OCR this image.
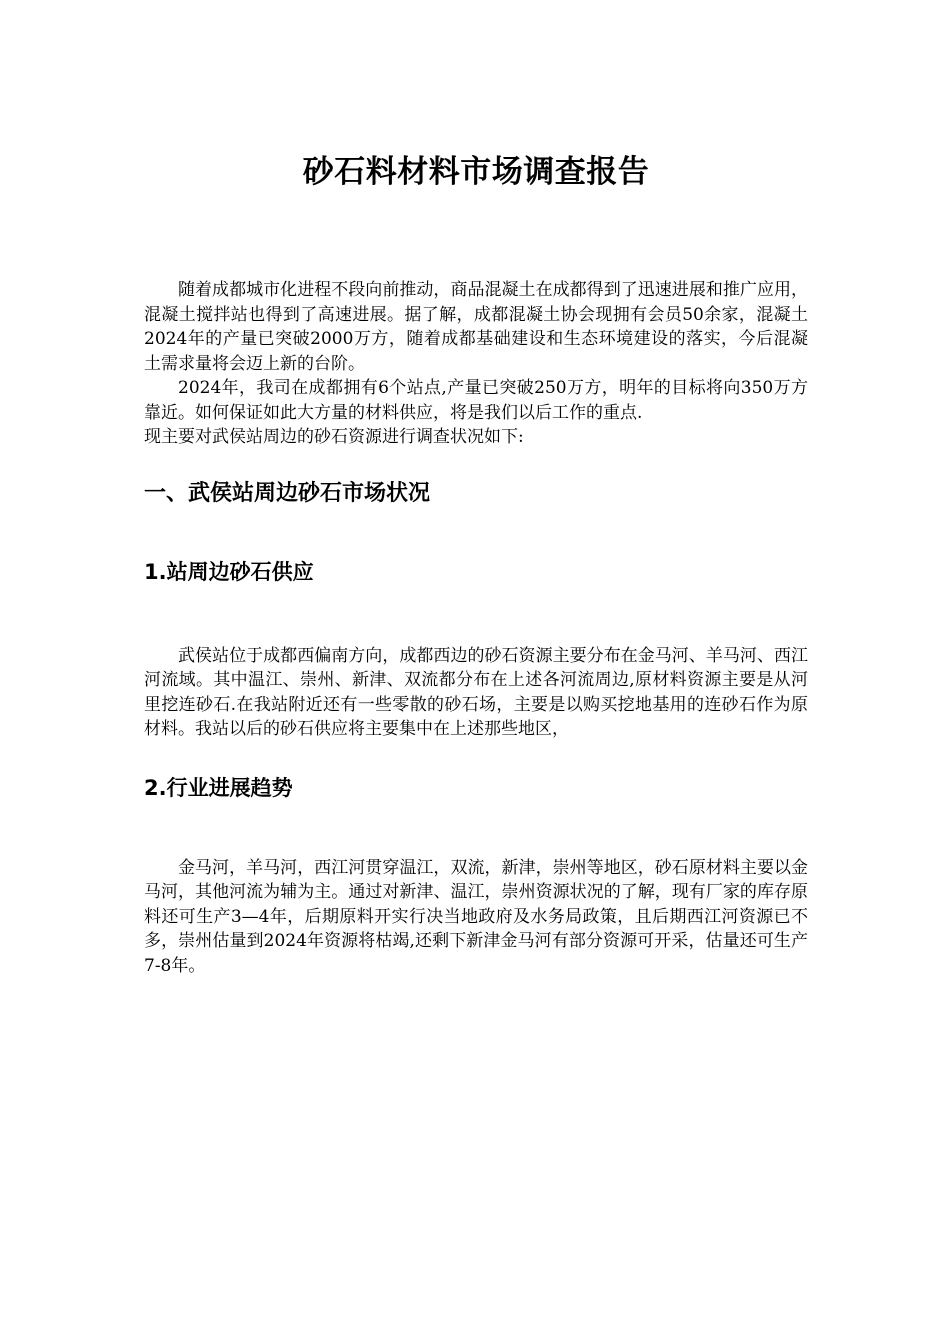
砂石料材料市场调查报告

随着成都城市化进程不段向前推动，商品混凝土在成都得到了迅速进展和推广应用，混凝土搅拌站也得到了高速进展。据了解，成都混凝土协会现拥有会员50余家，混凝土2024年的产量已突破2000万方，随着成都基础建设和生态环境建设的落实，今后混凝土需求量将会迈上新的台阶。

2024年，我司在成都拥有6个站点,产量已突破250万方，明年的目标将向350万方靠近。如何保证如此大方量的材料供应，将是我们以后工作的重点.

现主要对武侯站周边的砂石资源进行调查状况如下:

一、武侯站周边砂石市场状况
1.站周边砂石供应

武侯站位于成都西偏南方向，成都西边的砂石资源主要分布在金马河、羊马河、西江河流域。其中温江、崇州、新津、双流都分布在上述各河流周边,原材料资源主要是从河里挖连砂石.在我站附近还有一些零散的砂石场，主要是以购买挖地基用的连砂石作为原材料。我站以后的砂石供应将主要集中在上述那些地区，

2.行业进展趋势

金马河，羊马河，西江河贯穿温江，双流，新津，崇州等地区，砂石原材料主要以金马河，其他河流为辅为主。通过对新津、温江，崇州资源状况的了解，现有厂家的库存原料还可生产3—4年，后期原料开实行决当地政府及水务局政策，且后期西江河资源已不多，崇州估量到2024年资源将枯竭,还剩下新津金马河有部分资源可开采，估量还可生产7-8年。
